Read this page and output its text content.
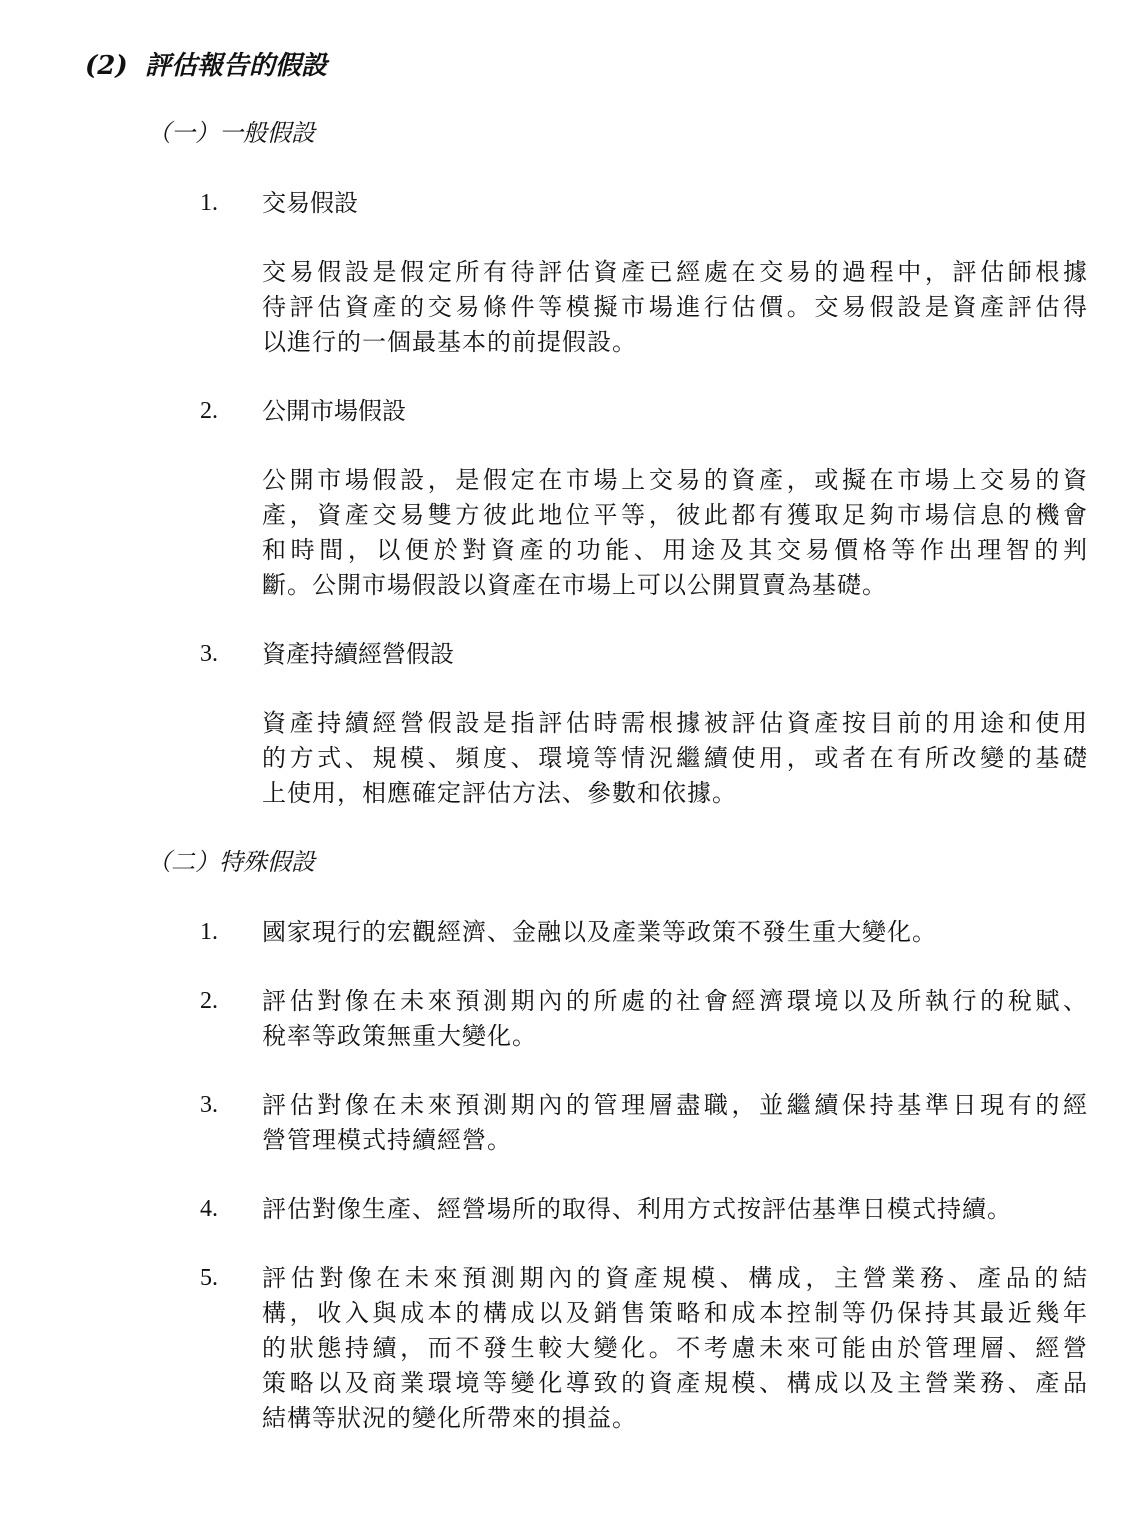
(2) 評估報告的假設
（一）一般假設
1. 交易假設
交易假設是假定所有待評估資產已經處在交易的過程中，評估師根據
待評估資產的交易條件等模擬市場進行估價。交易假設是資產評估得
以進行的一個最基本的前提假設。
2. 公開市場假設
公開市場假設，是假定在市場上交易的資產，或擬在市場上交易的資
產，資產交易雙方彼此地位平等，彼此都有獲取足夠市場信息的機會
和時間，以便於對資產的功能、用途及其交易價格等作出理智的判
斷。公開市場假設以資產在市場上可以公開買賣為基礎。
3. 資產持續經營假設
資產持續經營假設是指評估時需根據被評估資產按目前的用途和使用
的方式、規模、頻度、環境等情況繼續使用，或者在有所改變的基礎
上使用，相應確定評估方法、參數和依據。
（二）特殊假設
1. 國家現行的宏觀經濟、金融以及產業等政策不發生重大變化。
2. 評估對像在未來預測期內的所處的社會經濟環境以及所執行的稅賦、
稅率等政策無重大變化。
3. 評估對像在未來預測期內的管理層盡職，並繼續保持基準日現有的經
營管理模式持續經營。
4. 評估對像生產、經營場所的取得、利用方式按評估基準日模式持續。
5. 評估對像在未來預測期內的資產規模、構成，主營業務、產品的結
構，收入與成本的構成以及銷售策略和成本控制等仍保持其最近幾年
的狀態持續，而不發生較大變化。不考慮未來可能由於管理層、經營
策略以及商業環境等變化導致的資產規模、構成以及主營業務、產品
結構等狀況的變化所帶來的損益。
